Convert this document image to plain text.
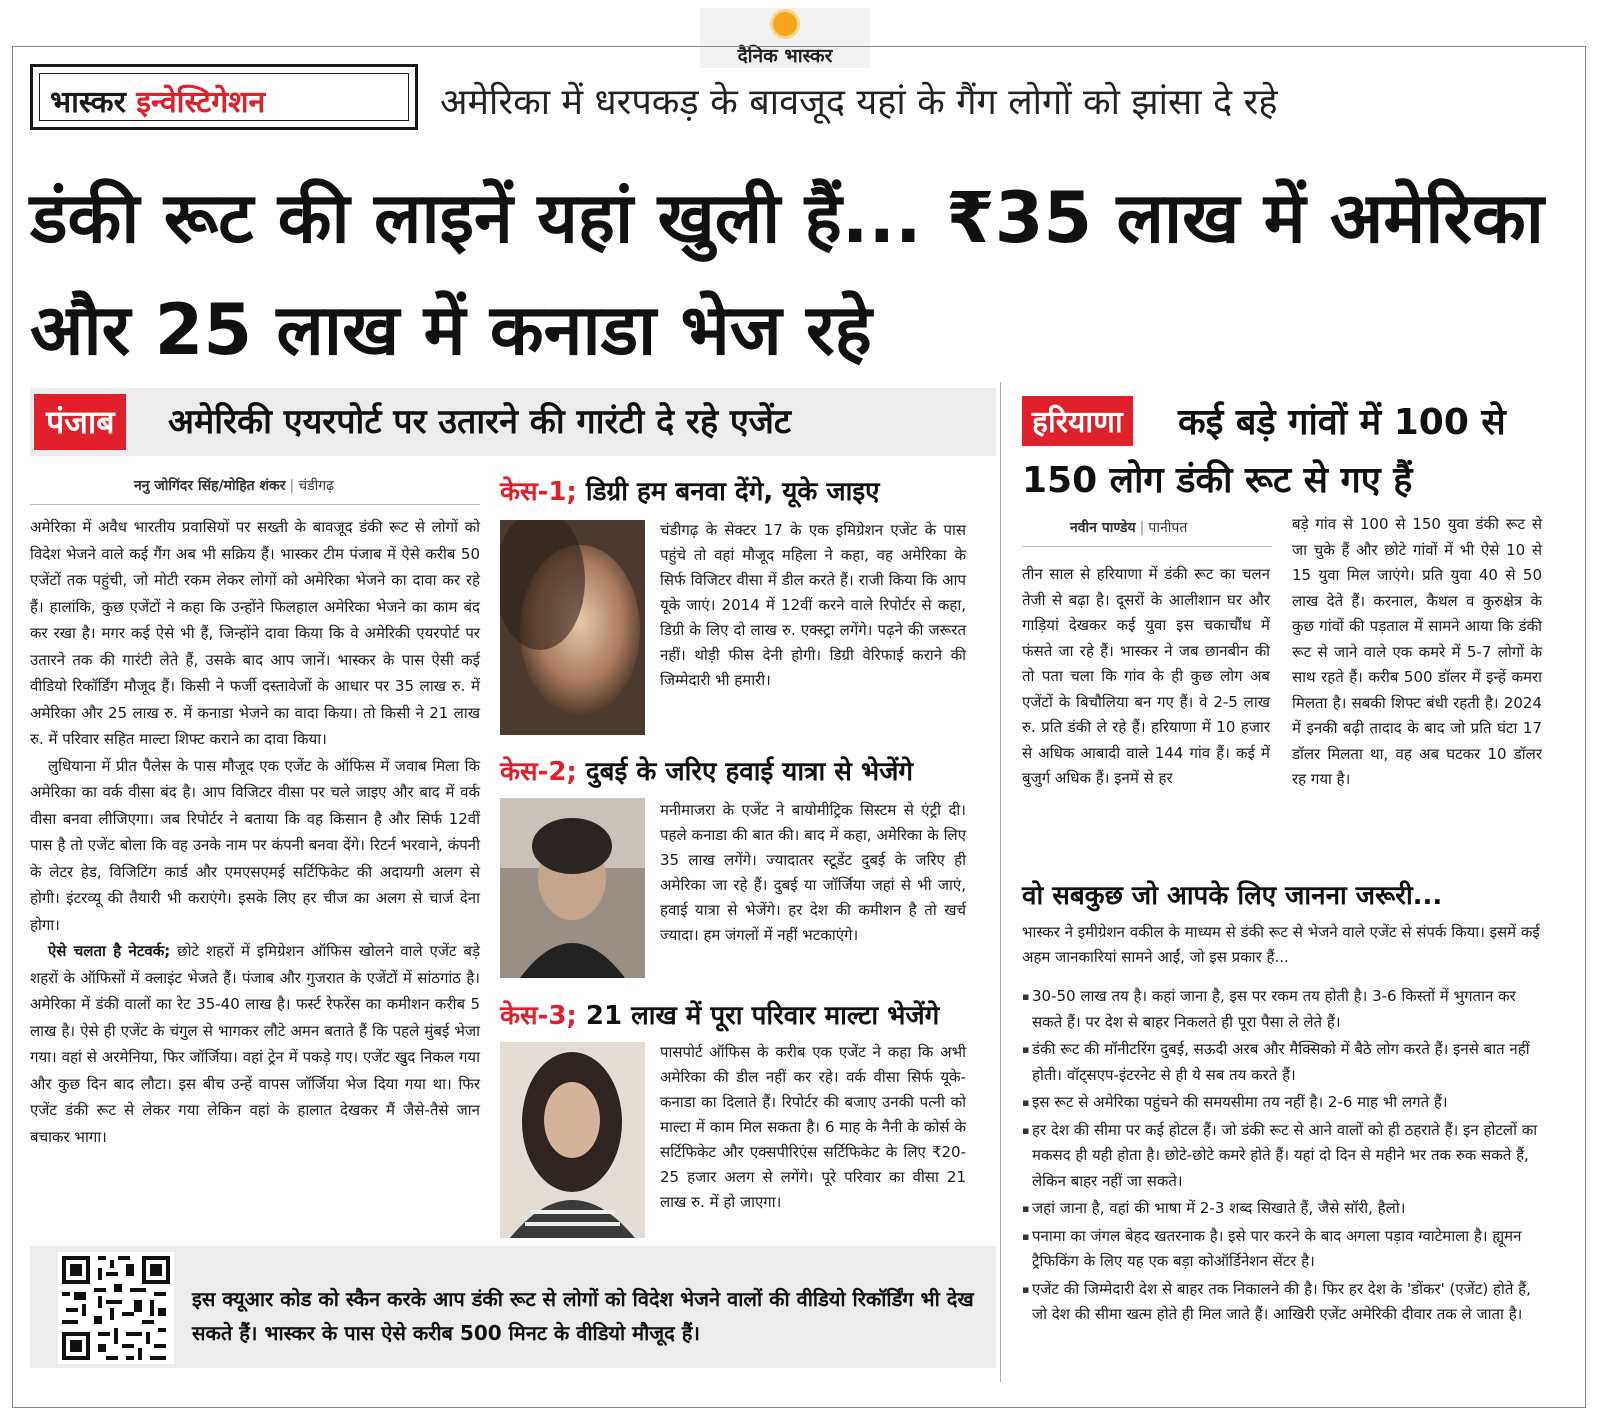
दैनिक भास्कर
भास्कर इन्वेस्टिगेशन	अमेरिका में धरपकड़ के बावजूद यहां के गैंग लोगों को झांसा दे रहे
डंकी रूट की लाइनें यहां खुली हैं... ₹35 लाख में अमेरिका और 25 लाख में कनाडा भेज रहे
पंजाब	अमेरिकी एयरपोर्ट पर उतारने की गारंटी दे रहे एजेंट	हरियाणा	कई बड़े गांवों में 100 से 150 लोग डंकी रूट से गए हैं
ननु जोगिंदर सिंह/मोहित शंकर | चंडीगढ़

अमेरिका में अवैध भारतीय प्रवासियों पर सख्ती के बावजूद डंकी रूट से लोगों को विदेश भेजने वाले कई गैंग अब भी सक्रिय हैं। भास्कर टीम पंजाब में ऐसे करीब 50 एजेंटों तक पहुंची, जो मोटी रकम लेकर लोगों को अमेरिका भेजने का दावा कर रहे हैं। हालांकि, कुछ एजेंटों ने कहा कि उन्होंने फिलहाल अमेरिका भेजने का काम बंद कर रखा है। मगर कई ऐसे भी हैं, जिन्होंने दावा किया कि वे अमेरिकी एयरपोर्ट पर उतारने तक की गारंटी लेते हैं, उसके बाद आप जानें। भास्कर के पास ऐसी कई वीडियो रिकॉर्डिंग मौजूद हैं। किसी ने फर्जी दस्तावेजों के आधार पर 35 लाख रु. में अमेरिका और 25 लाख रु. में कनाडा भेजने का वादा किया। तो किसी ने 21 लाख रु. में परिवार सहित माल्टा शिफ्ट कराने का दावा किया।

लुधियाना में प्रीत पैलेस के पास मौजूद एक एजेंट के ऑफिस में जवाब मिला कि अमेरिका का वर्क वीसा बंद है। आप विजिटर वीसा पर चले जाइए और बाद में वर्क वीसा बनवा लीजिएगा। जब रिपोर्टर ने बताया कि वह किसान है और सिर्फ 12वीं पास है तो एजेंट बोला कि वह उनके नाम पर कंपनी बनवा देंगे। रिटर्न भरवाने, कंपनी के लेटर हेड, विजिटिंग कार्ड और एमएसएमई सर्टिफिकेट की अदायगी अलग से होगी। इंटरव्यू की तैयारी भी कराएंगे। इसके लिए हर चीज का अलग से चार्ज देना होगा।

ऐसे चलता है नेटवर्क; छोटे शहरों में इमिग्रेशन ऑफिस खोलने वाले एजेंट बड़े शहरों के ऑफिसों में क्लाइंट भेजते हैं। पंजाब और गुजरात के एजेंटों में सांठगांठ है। अमेरिका में डंकी वालों का रेट 35-40 लाख है। फर्स्ट रेफरेंस का कमीशन करीब 5 लाख है। ऐसे ही एजेंट के चंगुल से भागकर लौटे अमन बताते हैं कि पहले मुंबई भेजा गया। वहां से अरमेनिया, फिर जॉर्जिया। वहां ट्रेन में पकड़े गए। एजेंट खुद निकल गया और कुछ दिन बाद लौटा। इस बीच उन्हें वापस जॉर्जिया भेज दिया गया था। फिर एजेंट डंकी रूट से लेकर गया लेकिन वहां के हालात देखकर मैं जैसे-तैसे जान बचाकर भागा।

केस-1; डिग्री हम बनवा देंगे, यूके जाइए
चंडीगढ़ के सेक्टर 17 के एक इमिग्रेशन एजेंट के पास पहुंचे तो वहां मौजूद महिला ने कहा, वह अमेरिका के सिर्फ विजिटर वीसा में डील करते हैं। राजी किया कि आप यूके जाएं। 2014 में 12वीं करने वाले रिपोर्टर से कहा, डिग्री के लिए दो लाख रु. एक्स्ट्रा लगेंगे। पढ़ने की जरूरत नहीं। थोड़ी फीस देनी होगी। डिग्री वेरिफाई कराने की जिम्मेदारी भी हमारी।
केस-2; दुबई के जरिए हवाई यात्रा से भेजेंगे
मनीमाजरा के एजेंट ने बायोमीट्रिक सिस्टम से एंट्री दी। पहले कनाडा की बात की। बाद में कहा, अमेरिका के लिए 35 लाख लगेंगे। ज्यादातर स्टूडेंट दुबई के जरिए ही अमेरिका जा रहे हैं। दुबई या जॉर्जिया जहां से भी जाएं, हवाई यात्रा से भेजेंगे। हर देश की कमीशन है तो खर्च ज्यादा। हम जंगलों में नहीं भटकाएंगे।
केस-3; 21 लाख में पूरा परिवार माल्टा भेजेंगे
पासपोर्ट ऑफिस के करीब एक एजेंट ने कहा कि अभी अमेरिका की डील नहीं कर रहे। वर्क वीसा सिर्फ यूके-कनाडा का दिलाते हैं। रिपोर्टर की बजाए उनकी पत्नी को माल्टा में काम मिल सकता है। 6 माह के नैनी के कोर्स के सर्टिफिकेट और एक्सपीरिएंस सर्टिफिकेट के लिए ₹20-25 हजार अलग से लगेंगे। पूरे परिवार का वीसा 21 लाख रु. में हो जाएगा।
इस क्यूआर कोड को स्कैन करके आप डंकी रूट से लोगों को विदेश भेजने वालों की वीडियो रिकॉर्डिंग भी देख सकते हैं। भास्कर के पास ऐसे करीब 500 मिनट के वीडियो मौजूद हैं।
नवीन पाण्डेय | पानीपत
तीन साल से हरियाणा में डंकी रूट का चलन तेजी से बढ़ा है। दूसरों के आलीशान घर और गाड़ियां देखकर कई युवा इस चकाचौंध में फंसते जा रहे हैं। भास्कर ने जब छानबीन की तो पता चला कि गांव के ही कुछ लोग अब एजेंटों के बिचौलिया बन गए हैं। वे 2-5 लाख रु. प्रति डंकी ले रहे हैं। हरियाणा में 10 हजार से अधिक आबादी वाले 144 गांव हैं। कई में बुजुर्ग अधिक हैं। इनमें से हर
बड़े गांव से 100 से 150 युवा डंकी रूट से जा चुके हैं और छोटे गांवों में भी ऐसे 10 से 15 युवा मिल जाएंगे। प्रति युवा 40 से 50 लाख देते हैं। करनाल, कैथल व कुरुक्षेत्र के कुछ गांवों की पड़ताल में सामने आया कि डंकी रूट से जाने वाले एक कमरे में 5-7 लोगों के साथ रहते हैं। करीब 500 डॉलर में इन्हें कमरा मिलता है। सबकी शिफ्ट बंधी रहती है। 2024 में इनकी बढ़ी तादाद के बाद जो प्रति घंटा 17 डॉलर मिलता था, वह अब घटकर 10 डॉलर रह गया है।
वो सबकुछ जो आपके लिए जानना जरूरी...
भास्कर ने इमीग्रेशन वकील के माध्यम से डंकी रूट से भेजने वाले एजेंट से संपर्क किया। इसमें कई अहम जानकारियां सामने आईं, जो इस प्रकार हैं...
▪ 30-50 लाख तय है। कहां जाना है, इस पर रकम तय होती है। 3-6 किस्तों में भुगतान कर सकते हैं। पर देश से बाहर निकलते ही पूरा पैसा ले लेते हैं।
▪ डंकी रूट की मॉनीटरिंग दुबई, सऊदी अरब और मैक्सिको में बैठे लोग करते हैं। इनसे बात नहीं होती। वॉट्सएप-इंटरनेट से ही ये सब तय करते हैं।
▪ इस रूट से अमेरिका पहुंचने की समयसीमा तय नहीं है। 2-6 माह भी लगते हैं।
▪ हर देश की सीमा पर कई होटल हैं। जो डंकी रूट से आने वालों को ही ठहराते हैं। इन होटलों का मकसद ही यही होता है। छोटे-छोटे कमरे होते हैं। यहां दो दिन से महीने भर तक रुक सकते हैं, लेकिन बाहर नहीं जा सकते।
▪ जहां जाना है, वहां की भाषा में 2-3 शब्द सिखाते हैं, जैसे सॉरी, हैलो।
▪ पनामा का जंगल बेहद खतरनाक है। इसे पार करने के बाद अगला पड़ाव ग्वाटेमाला है। ह्यूमन ट्रैफिकिंग के लिए यह एक बड़ा कोऑर्डिनेशन सेंटर है।
▪ एजेंट की जिम्मेदारी देश से बाहर तक निकालने की है। फिर हर देश के 'डोंकर' (एजेंट) होते हैं, जो देश की सीमा खत्म होते ही मिल जाते हैं। आखिरी एजेंट अमेरिकी दीवार तक ले जाता है।
